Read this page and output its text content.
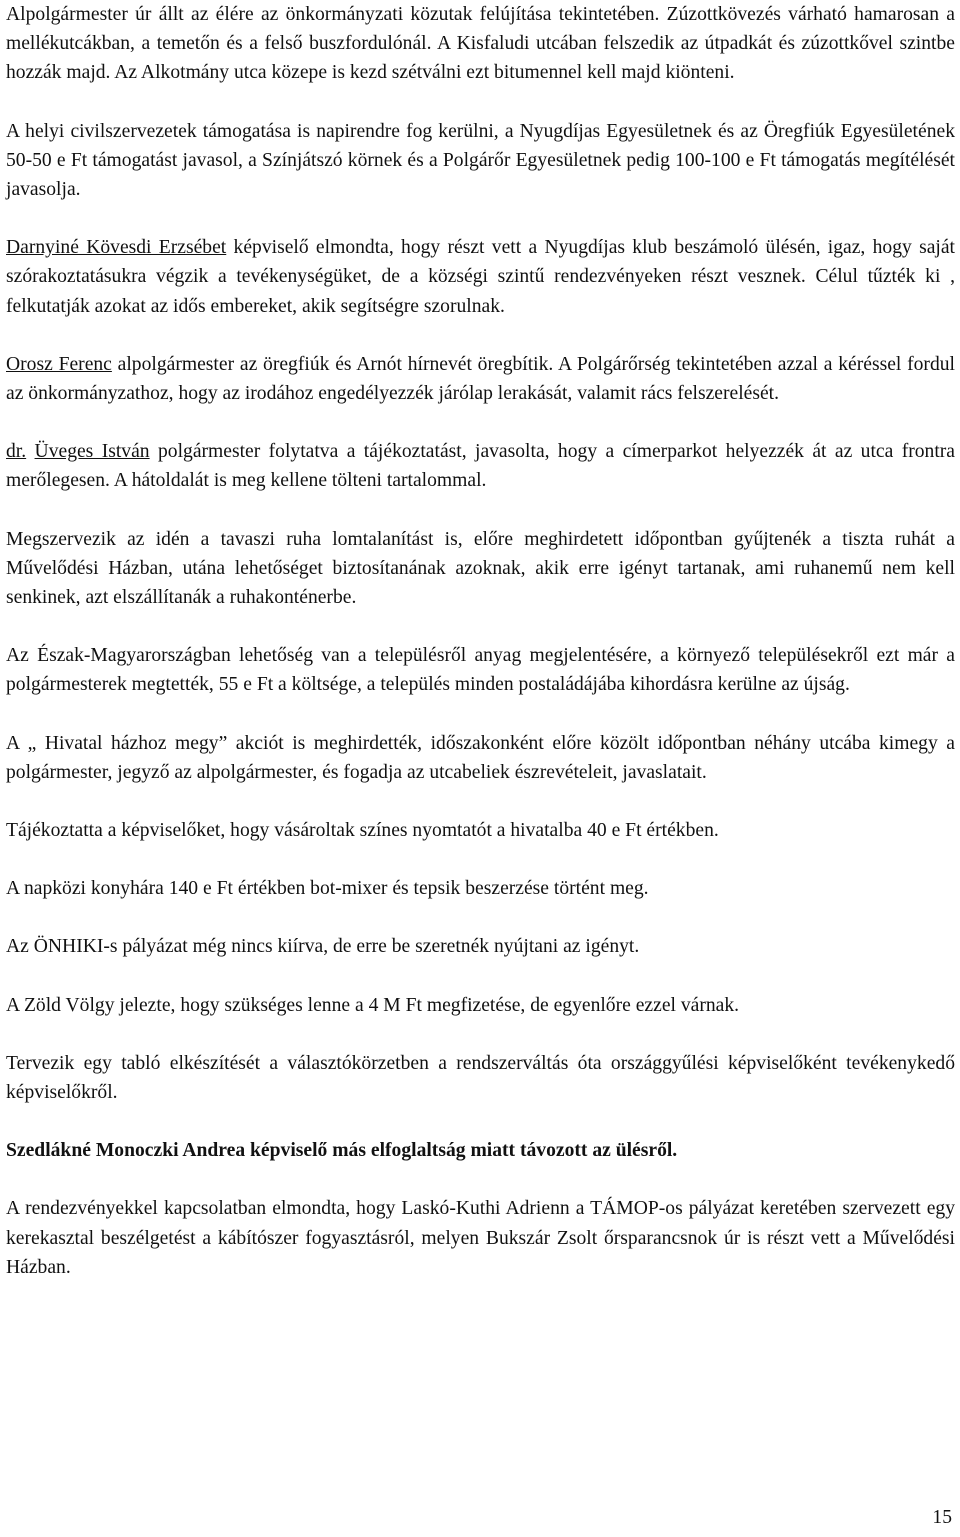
Alpolgármester úr állt az élére az önkormányzati közutak felújítása tekintetében. Zúzottkövezés várható hamarosan a mellékutcákban, a temetőn és a felső buszfordulónál. A Kisfaludi utcában felszedik az útpadkát és zúzottkővel szintbe hozzák majd. Az Alkotmány utca közepe is kezd szétválni ezt bitumennel kell majd kiönteni.

A helyi civilszervezetek támogatása is napirendre fog kerülni, a Nyugdíjas Egyesületnek és az Öregfiúk Egyesületének 50-50 e Ft támogatást javasol, a Színjátszó körnek és a Polgárőr Egyesületnek pedig 100-100 e Ft támogatás megítélését javasolja.

Darnyiné Kövesdi Erzsébet képviselő elmondta, hogy részt vett a Nyugdíjas klub beszámoló ülésén, igaz, hogy saját szórakoztatásukra végzik a tevékenységüket, de a községi szintű rendezvényeken részt vesznek. Célul tűzték ki , felkutatják azokat az idős embereket, akik segítségre szorulnak.

Orosz Ferenc alpolgármester az öregfiúk és Arnót hírnevét öregbítik. A Polgárőrség tekintetében azzal a kéréssel fordul az önkormányzathoz, hogy az irodához engedélyezzék járólap lerakását, valamit rács felszerelését.

dr. Üveges István polgármester folytatva a tájékoztatást, javasolta, hogy a címerparkot helyezzék át az utca frontra merőlegesen. A hátoldalát is meg kellene tölteni tartalommal.

Megszervezik az idén a tavaszi ruha lomtalanítást is, előre meghirdetett időpontban gyűjtenék a tiszta ruhát a Művelődési Házban, utána lehetőséget biztosítanának azoknak, akik erre igényt tartanak, ami ruhanemű nem kell senkinek, azt elszállítanák a ruhakonténerbe.

Az Észak-Magyarországban lehetőség van a településről anyag megjelentésére, a környező településekről ezt már a polgármesterek megtették, 55 e Ft a költsége, a település minden postaládájába kihordásra kerülne az újság.

A „ Hivatal házhoz megy” akciót is meghirdették, időszakonként előre közölt időpontban néhány utcába kimegy a polgármester, jegyző az alpolgármester, és fogadja az utcabeliek észrevételeit, javaslatait.

Tájékoztatta a képviselőket, hogy vásároltak színes nyomtatót a hivatalba 40 e Ft értékben.

A napközi konyhára 140 e Ft értékben bot-mixer és tepsik beszerzése történt meg.

Az ÖNHIKI-s pályázat még nincs kiírva, de erre be szeretnék nyújtani az igényt.

A Zöld Völgy jelezte, hogy szükséges lenne a 4 M Ft megfizetése, de egyenlőre ezzel várnak.

Tervezik egy tabló elkészítését a választókörzetben a rendszerváltás óta országgyűlési képviselőként tevékenykedő képviselőkről.

Szedlákné Monoczki Andrea képviselő más elfoglaltság miatt távozott az ülésről.

A rendezvényekkel kapcsolatban elmondta, hogy Laskó-Kuthi Adrienn a TÁMOP-os pályázat keretében szervezett egy kerekasztal beszélgetést a kábítószer fogyasztásról, melyen Bukszár Zsolt őrsparancsnok úr is részt vett a Művelődési Házban.

15
